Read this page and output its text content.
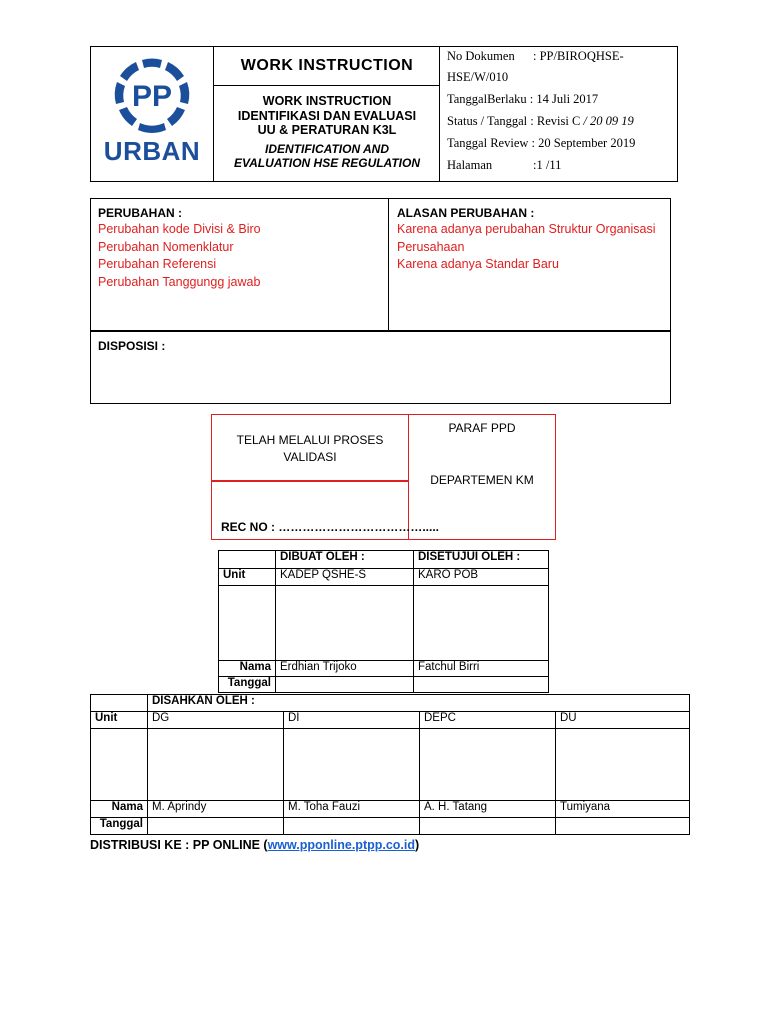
PP
URBAN
WORK INSTRUCTION
WORK INSTRUCTION
IDENTIFIKASI DAN EVALUASI
UU & PERATURAN K3L
IDENTIFICATION AND
EVALUATION HSE REGULATION
No Dokumen : PP/BIROQHSE-
HSE/W/010
TanggalBerlaku : 14 Juli 2017
Status / Tanggal : Revisi C / 20 09 19
Tanggal Review : 20 September 2019
Halaman	:1 /11
PERUBAHAN :
Perubahan kode Divisi & Biro
Perubahan Nomenklatur
Perubahan Referensi
Perubahan Tanggungg jawab
ALASAN PERUBAHAN :
Karena adanya perubahan Struktur Organisasi
Perusahaan
Karena adanya Standar Baru
DISPOSISI :
TELAH MELALUI PROSES
VALIDASI
REC NO : ……………………………….....
PARAF PPD
DEPARTEMEN KM
	DIBUAT OLEH :	DISETUJUI OLEH :
Unit	KADEP QSHE-S	KARO POB

Nama	Erdhian Trijoko	Fatchul Birri
Tanggal		
	DISAHKAN OLEH :			
Unit	DG	DI	DEPC	DU

Nama	M. Aprindy	M. Toha Fauzi	A. H. Tatang	Tumiyana
Tanggal				
DISTRIBUSI KE : PP ONLINE (www.pponline.ptpp.co.id)
